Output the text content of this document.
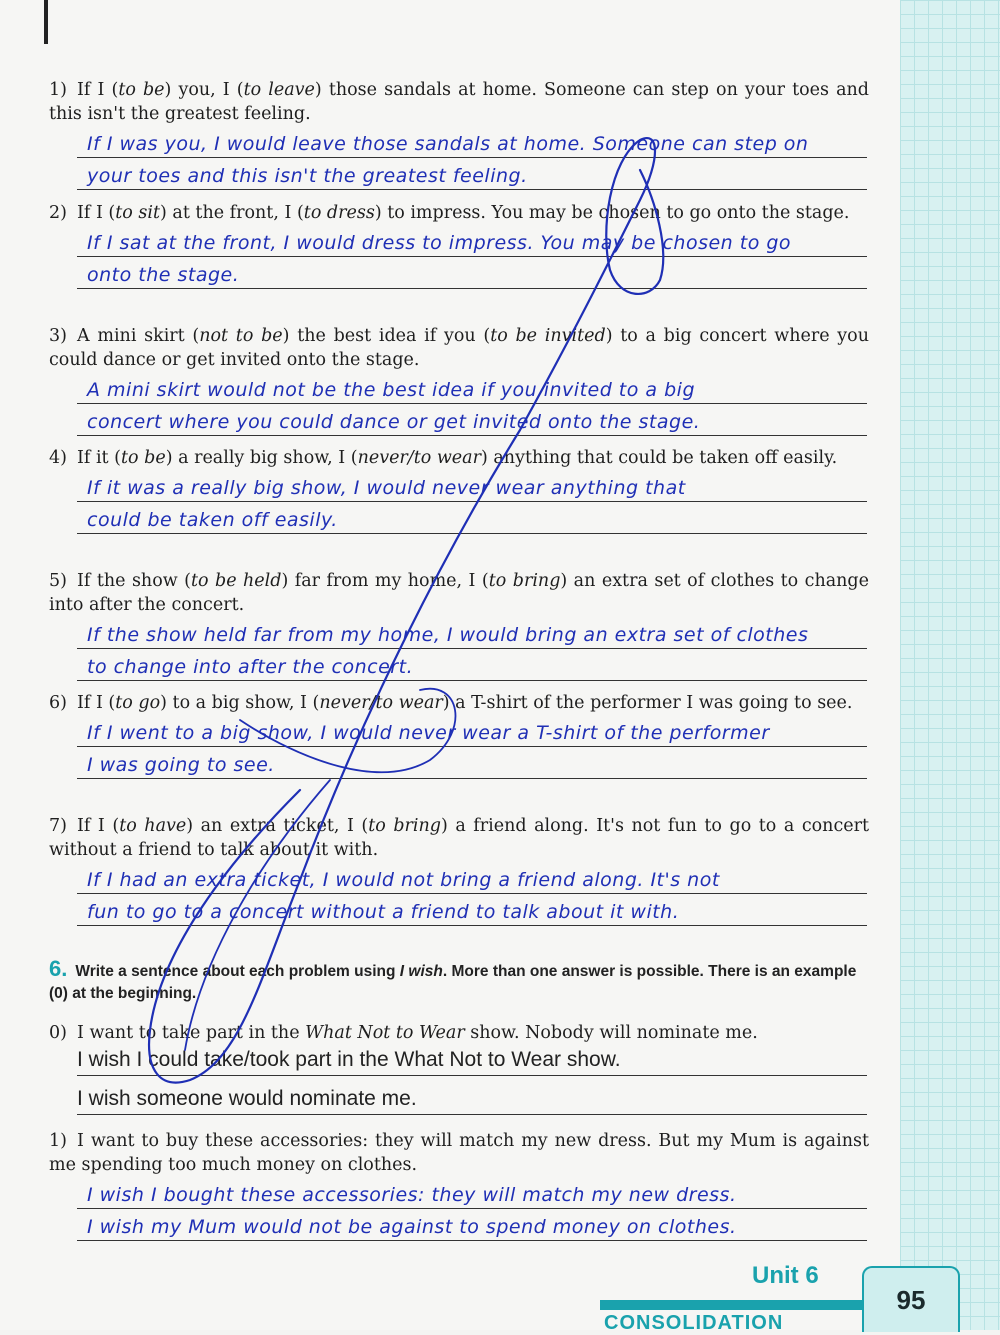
1) If I (to be) you, I (to leave) those sandals at home. Someone can step on your toes and this isn't the greatest feeling.

If I was you, I would leave those sandals at home. Someone can step on
your toes and this isn't the greatest feeling.

2) If I (to sit) at the front, I (to dress) to impress. You may be chosen to go onto the stage.

If I sat at the front, I would dress to impress. You may be chosen to go
onto the stage.

3) A mini skirt (not to be) the best idea if you (to be invited) to a big concert where you could dance or get invited onto the stage.

A mini skirt would not be the best idea if you invited to a big
concert where you could dance or get invited onto the stage.

4) If it (to be) a really big show, I (never/to wear) anything that could be taken off easily.

If it was a really big show, I would never wear anything that
could be taken off easily.

5) If the show (to be held) far from my home, I (to bring) an extra set of clothes to change into after the concert.

If the show held far from my home, I would bring an extra set of clothes
to change into after the concert.

6) If I (to go) to a big show, I (never/to wear) a T-shirt of the performer I was going to see.

If I went to a big show, I would never wear a T-shirt of the performer
I was going to see.

7) If I (to have) an extra ticket, I (to bring) a friend along. It's not fun to go to a concert without a friend to talk about it with.

If I had an extra ticket, I would not bring a friend along. It's not
fun to go to a concert without a friend to talk about it with.
6. Write a sentence about each problem using I wish. More than one answer is possible. There is an example (0) at the beginning.

0) I want to take part in the What Not to Wear show. Nobody will nominate me.

I wish I could take/took part in the What Not to Wear show.
I wish someone would nominate me.

1) I want to buy these accessories: they will match my new dress. But my Mum is against me spending too much money on clothes.

I wish I bought these accessories: they will match my new dress.
I wish my Mum would not be against to spend money on clothes.
Unit 6
95
CONSOLIDATION
